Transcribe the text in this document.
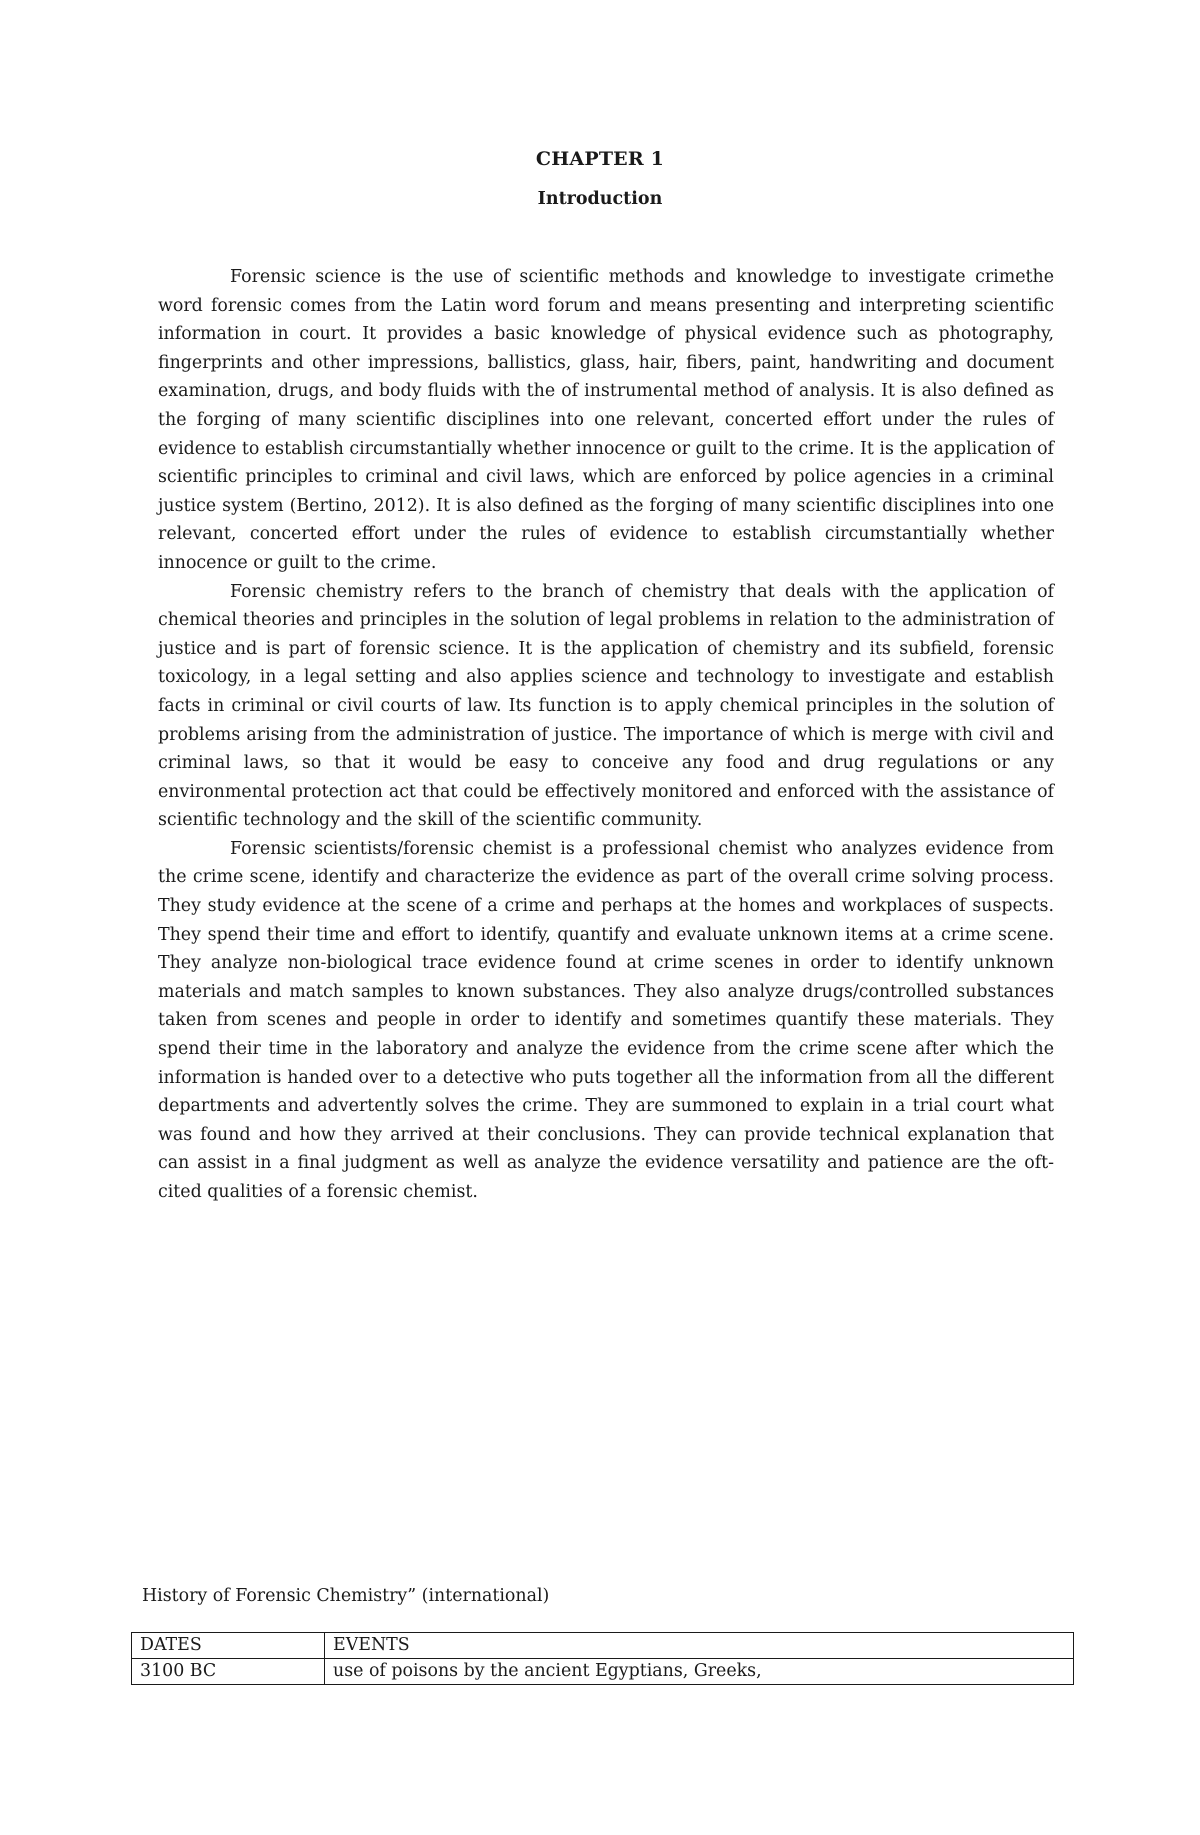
CHAPTER 1
Introduction

Forensic science is the use of scientific methods and knowledge to investigate crimethe word forensic comes from the Latin word forum and means presenting and interpreting scientific information in court. It provides a basic knowledge of physical evidence such as photography, fingerprints and other impressions, ballistics, glass, hair, fibers, paint, handwriting and document examination, drugs, and body fluids with the of instrumental method of analysis. It is also defined as the forging of many scientific disciplines into one relevant, concerted effort under the rules of evidence to establish circumstantially whether innocence or guilt to the crime. It is the application of scientific principles to criminal and civil laws, which are enforced by police agencies in a criminal justice system (Bertino, 2012). It is also defined as the forging of many scientific disciplines into one relevant, concerted effort under the rules of evidence to establish circumstantially whether innocence or guilt to the crime.

Forensic chemistry refers to the branch of chemistry that deals with the application of chemical theories and principles in the solution of legal problems in relation to the administration of justice and is part of forensic science. It is the application of chemistry and its subfield, forensic toxicology, in a legal setting and also applies science and technology to investigate and establish facts in criminal or civil courts of law. Its function is to apply chemical principles in the solution of problems arising from the administration of justice. The importance of which is merge with civil and criminal laws, so that it would be easy to conceive any food and drug regulations or any environmental protection act that could be effectively monitored and enforced with the assistance of scientific technology and the skill of the scientific community.

Forensic scientists/forensic chemist is a professional chemist who analyzes evidence from the crime scene, identify and characterize the evidence as part of the overall crime solving process. They study evidence at the scene of a crime and perhaps at the homes and workplaces of suspects. They spend their time and effort to identify, quantify and evaluate unknown items at a crime scene. They analyze non-biological trace evidence found at crime scenes in order to identify unknown materials and match samples to known substances. They also analyze drugs/controlled substances taken from scenes and people in order to identify and sometimes quantify these materials. They spend their time in the laboratory and analyze the evidence from the crime scene after which the information is handed over to a detective who puts together all the information from all the different departments and advertently solves the crime. They are summoned to explain in a trial court what was found and how they arrived at their conclusions. They can provide technical explanation that can assist in a final judgment as well as analyze the evidence versatility and patience are the oft-cited qualities of a forensic chemist.

History of Forensic Chemistry” (international)
DATES	EVENTS
3100 BC	use of poisons by the ancient Egyptians, Greeks,
